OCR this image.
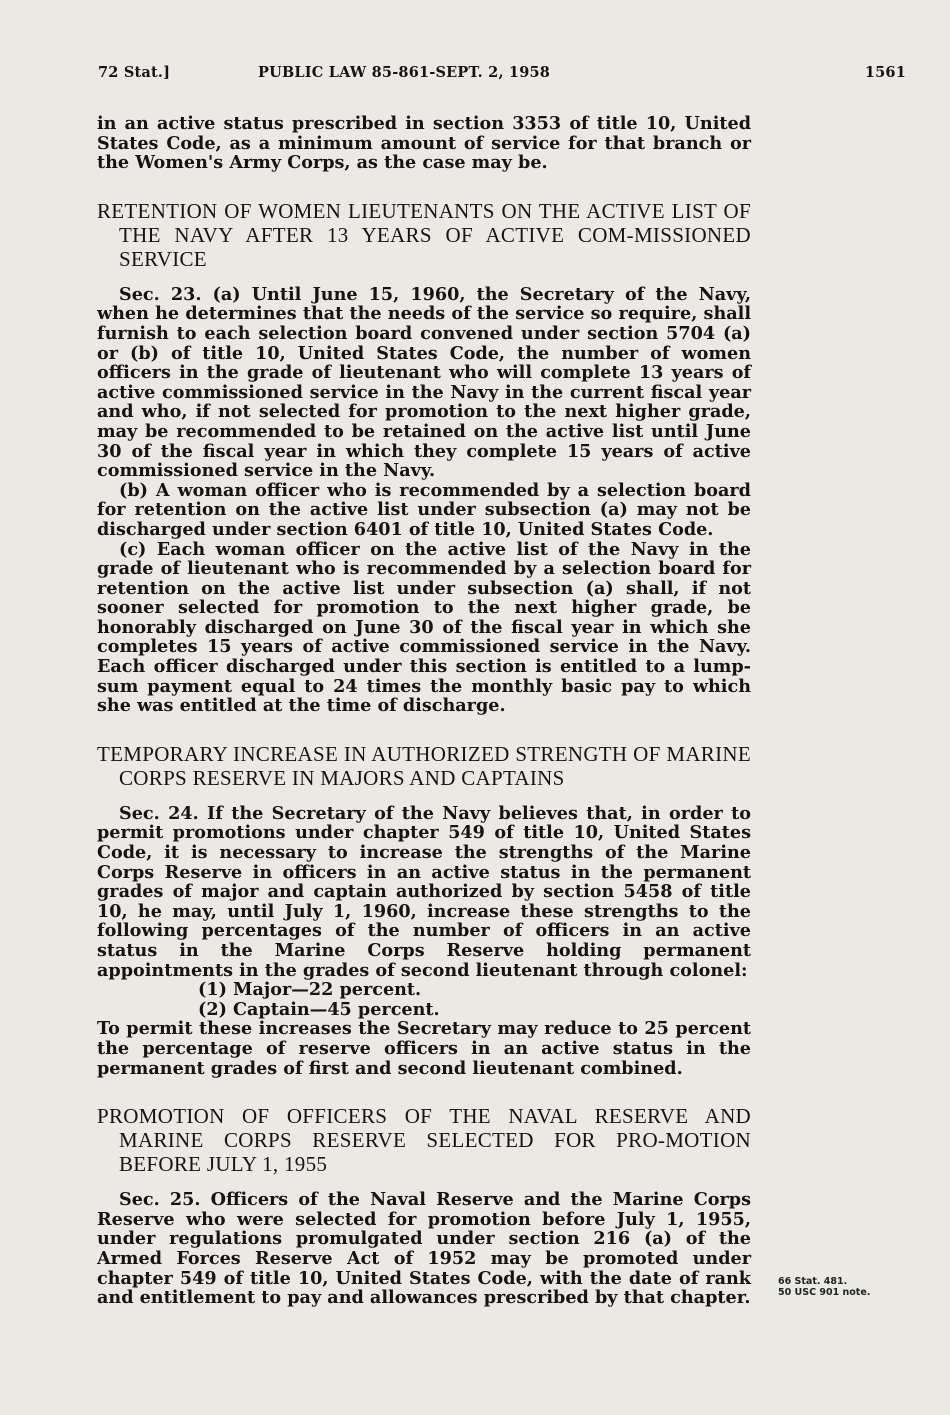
72 Stat.]	PUBLIC LAW 85-861-SEPT. 2, 1958	1561

in an active status prescribed in section 3353 of title 10, United States Code, as a minimum amount of service for that branch or the Women's Army Corps, as the case may be.

RETENTION OF WOMEN LIEUTENANTS ON THE ACTIVE LIST OF THE NAVY AFTER 13 YEARS OF ACTIVE COM-MISSIONED SERVICE

Sec. 23. (a) Until June 15, 1960, the Secretary of the Navy, when he determines that the needs of the service so require, shall furnish to each selection board convened under section 5704 (a) or (b) of title 10, United States Code, the number of women officers in the grade of lieutenant who will complete 13 years of active commissioned service in the Navy in the current fiscal year and who, if not selected for promotion to the next higher grade, may be recommended to be retained on the active list until June 30 of the fiscal year in which they complete 15 years of active commissioned service in the Navy.

(b) A woman officer who is recommended by a selection board for retention on the active list under subsection (a) may not be discharged under section 6401 of title 10, United States Code.

(c) Each woman officer on the active list of the Navy in the grade of lieutenant who is recommended by a selection board for retention on the active list under subsection (a) shall, if not sooner selected for promotion to the next higher grade, be honorably discharged on June 30 of the fiscal year in which she completes 15 years of active commissioned service in the Navy. Each officer discharged under this section is entitled to a lump-sum payment equal to 24 times the monthly basic pay to which she was entitled at the time of discharge.

TEMPORARY INCREASE IN AUTHORIZED STRENGTH OF MARINE CORPS RESERVE IN MAJORS AND CAPTAINS

Sec. 24. If the Secretary of the Navy believes that, in order to permit promotions under chapter 549 of title 10, United States Code, it is necessary to increase the strengths of the Marine Corps Reserve in officers in an active status in the permanent grades of major and captain authorized by section 5458 of title 10, he may, until July 1, 1960, increase these strengths to the following percentages of the number of officers in an active status in the Marine Corps Reserve holding permanent appointments in the grades of second lieutenant through colonel:

(1) Major—22 percent.
(2) Captain—45 percent.

To permit these increases the Secretary may reduce to 25 percent the percentage of reserve officers in an active status in the permanent grades of first and second lieutenant combined.

PROMOTION OF OFFICERS OF THE NAVAL RESERVE AND MARINE CORPS RESERVE SELECTED FOR PRO-MOTION BEFORE JULY 1, 1955

Sec. 25. Officers of the Naval Reserve and the Marine Corps Reserve who were selected for promotion before July 1, 1955, under regulations promulgated under section 216 (a) of the Armed Forces Reserve Act of 1952 may be promoted under chapter 549 of title 10, United States Code, with the date of rank and entitlement to pay and allowances prescribed by that chapter.

66 Stat. 481.
50 USC 901 note.
